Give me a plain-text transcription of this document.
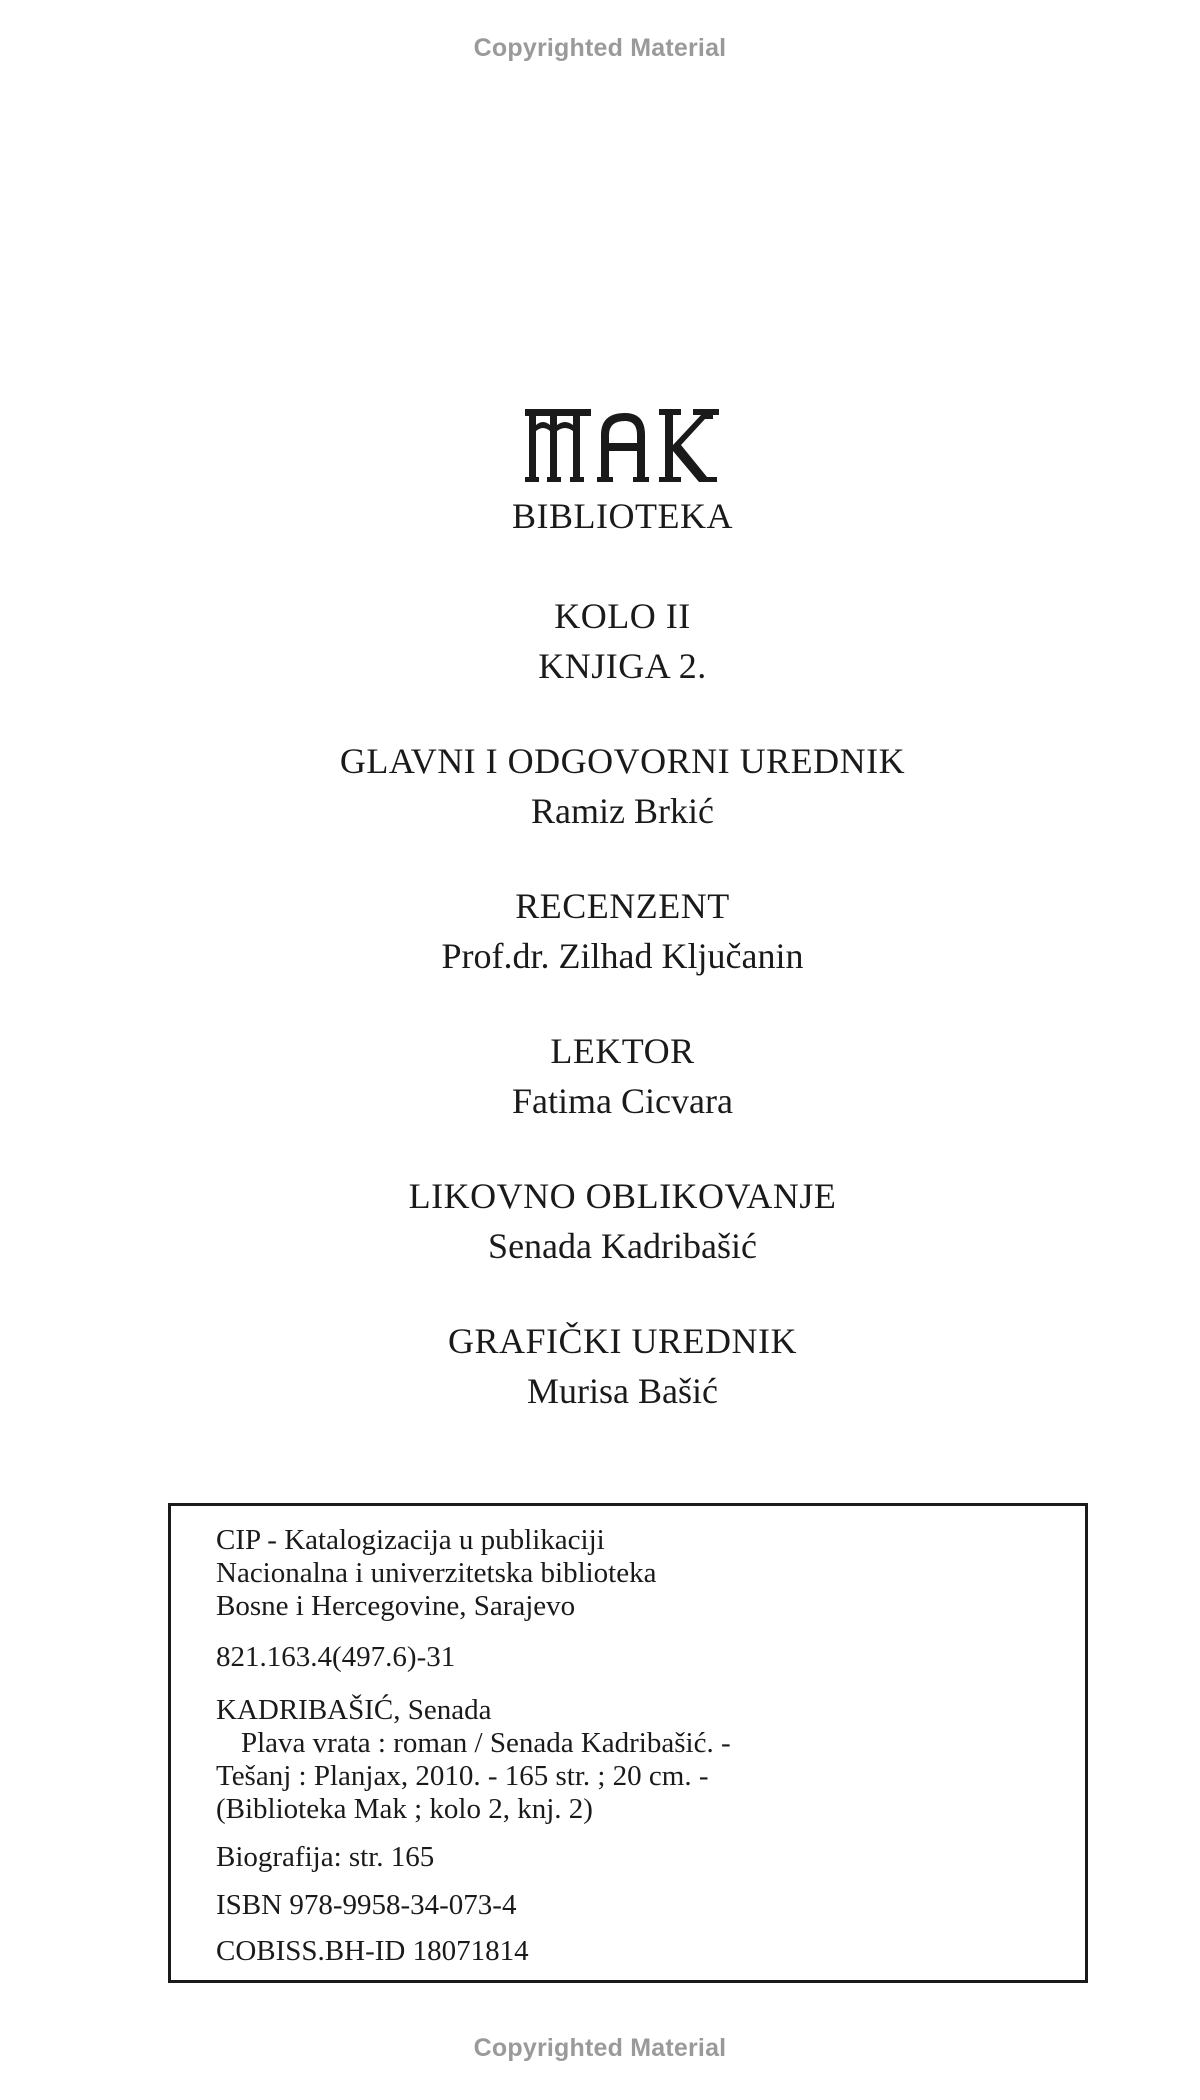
Copyrighted Material
BIBLIOTEKA
KOLO II
KNJIGA 2.
GLAVNI I ODGOVORNI UREDNIK
Ramiz Brkić
RECENZENT
Prof.dr. Zilhad Ključanin
LEKTOR
Fatima Cicvara
LIKOVNO OBLIKOVANJE
Senada Kadribašić
GRAFIČKI UREDNIK
Murisa Bašić
CIP - Katalogizacija u publikaciji
Nacionalna i univerzitetska biblioteka
Bosne i Hercegovine, Sarajevo
821.163.4(497.6)-31
KADRIBAŠIĆ, Senada
Plava vrata : roman / Senada Kadribašić. -
Tešanj : Planjax, 2010. - 165 str. ; 20 cm. -
(Biblioteka Mak ; kolo 2, knj. 2)
Biografija: str. 165
ISBN 978-9958-34-073-4
COBISS.BH-ID 18071814
Copyrighted Material
